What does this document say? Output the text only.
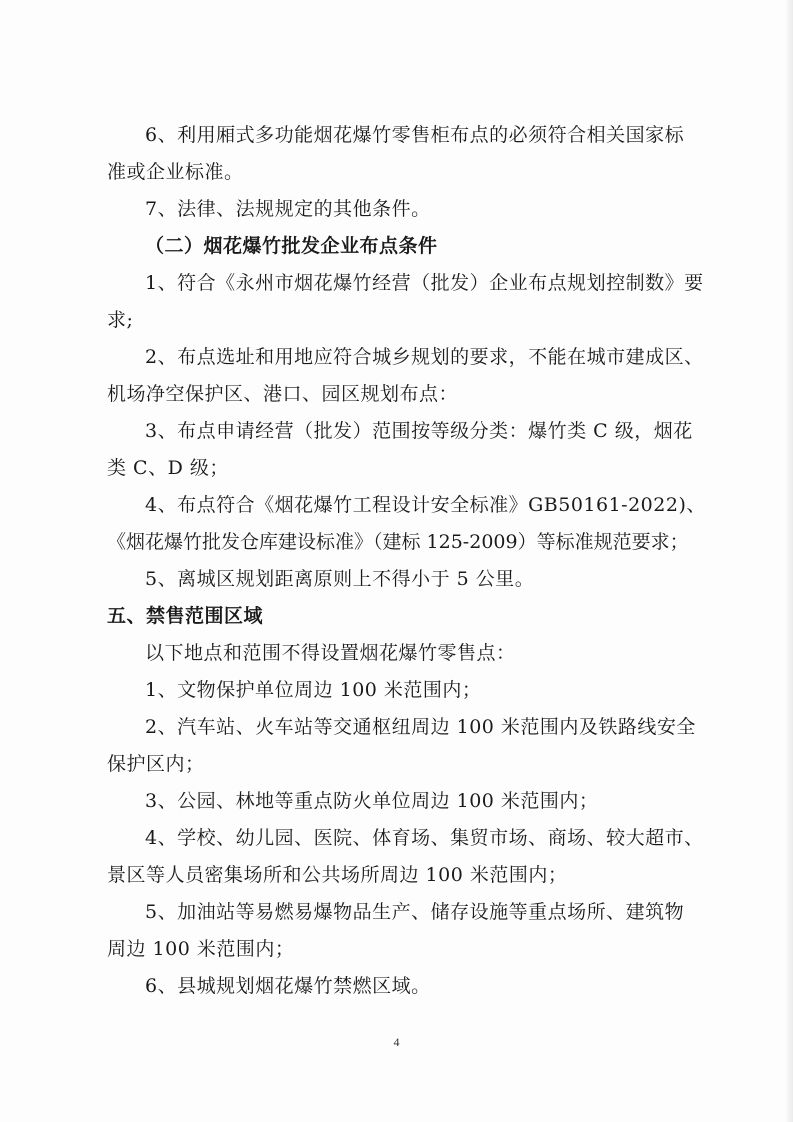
6、利用厢式多功能烟花爆竹零售柜布点的必须符合相关国家标
准或企业标准。
7、法律、法规规定的其他条件。
（二）烟花爆竹批发企业布点条件
1、符合《永州市烟花爆竹经营（批发）企业布点规划控制数》要
求;
2、布点选址和用地应符合城乡规划的要求，不能在城市建成区、
机场净空保护区、港口、园区规划布点：
3、布点申请经营（批发）范围按等级分类：爆竹类 C 级，烟花
类 C、D 级；
4、布点符合《烟花爆竹工程设计安全标准》GB50161-2022)、
《烟花爆竹批发仓库建设标准》（建标 125-2009）等标准规范要求；
5、离城区规划距离原则上不得小于 5 公里。
五、禁售范围区域
以下地点和范围不得设置烟花爆竹零售点：
1、文物保护单位周边 100 米范围内；
2、汽车站、火车站等交通枢纽周边 100 米范围内及铁路线安全
保护区内；
3、公园、林地等重点防火单位周边 100 米范围内；
4、学校、幼儿园、医院、体育场、集贸市场、商场、较大超市、
景区等人员密集场所和公共场所周边 100 米范围内；
5、加油站等易燃易爆物品生产、储存设施等重点场所、建筑物
周边 100 米范围内；
6、县城规划烟花爆竹禁燃区域。
4
